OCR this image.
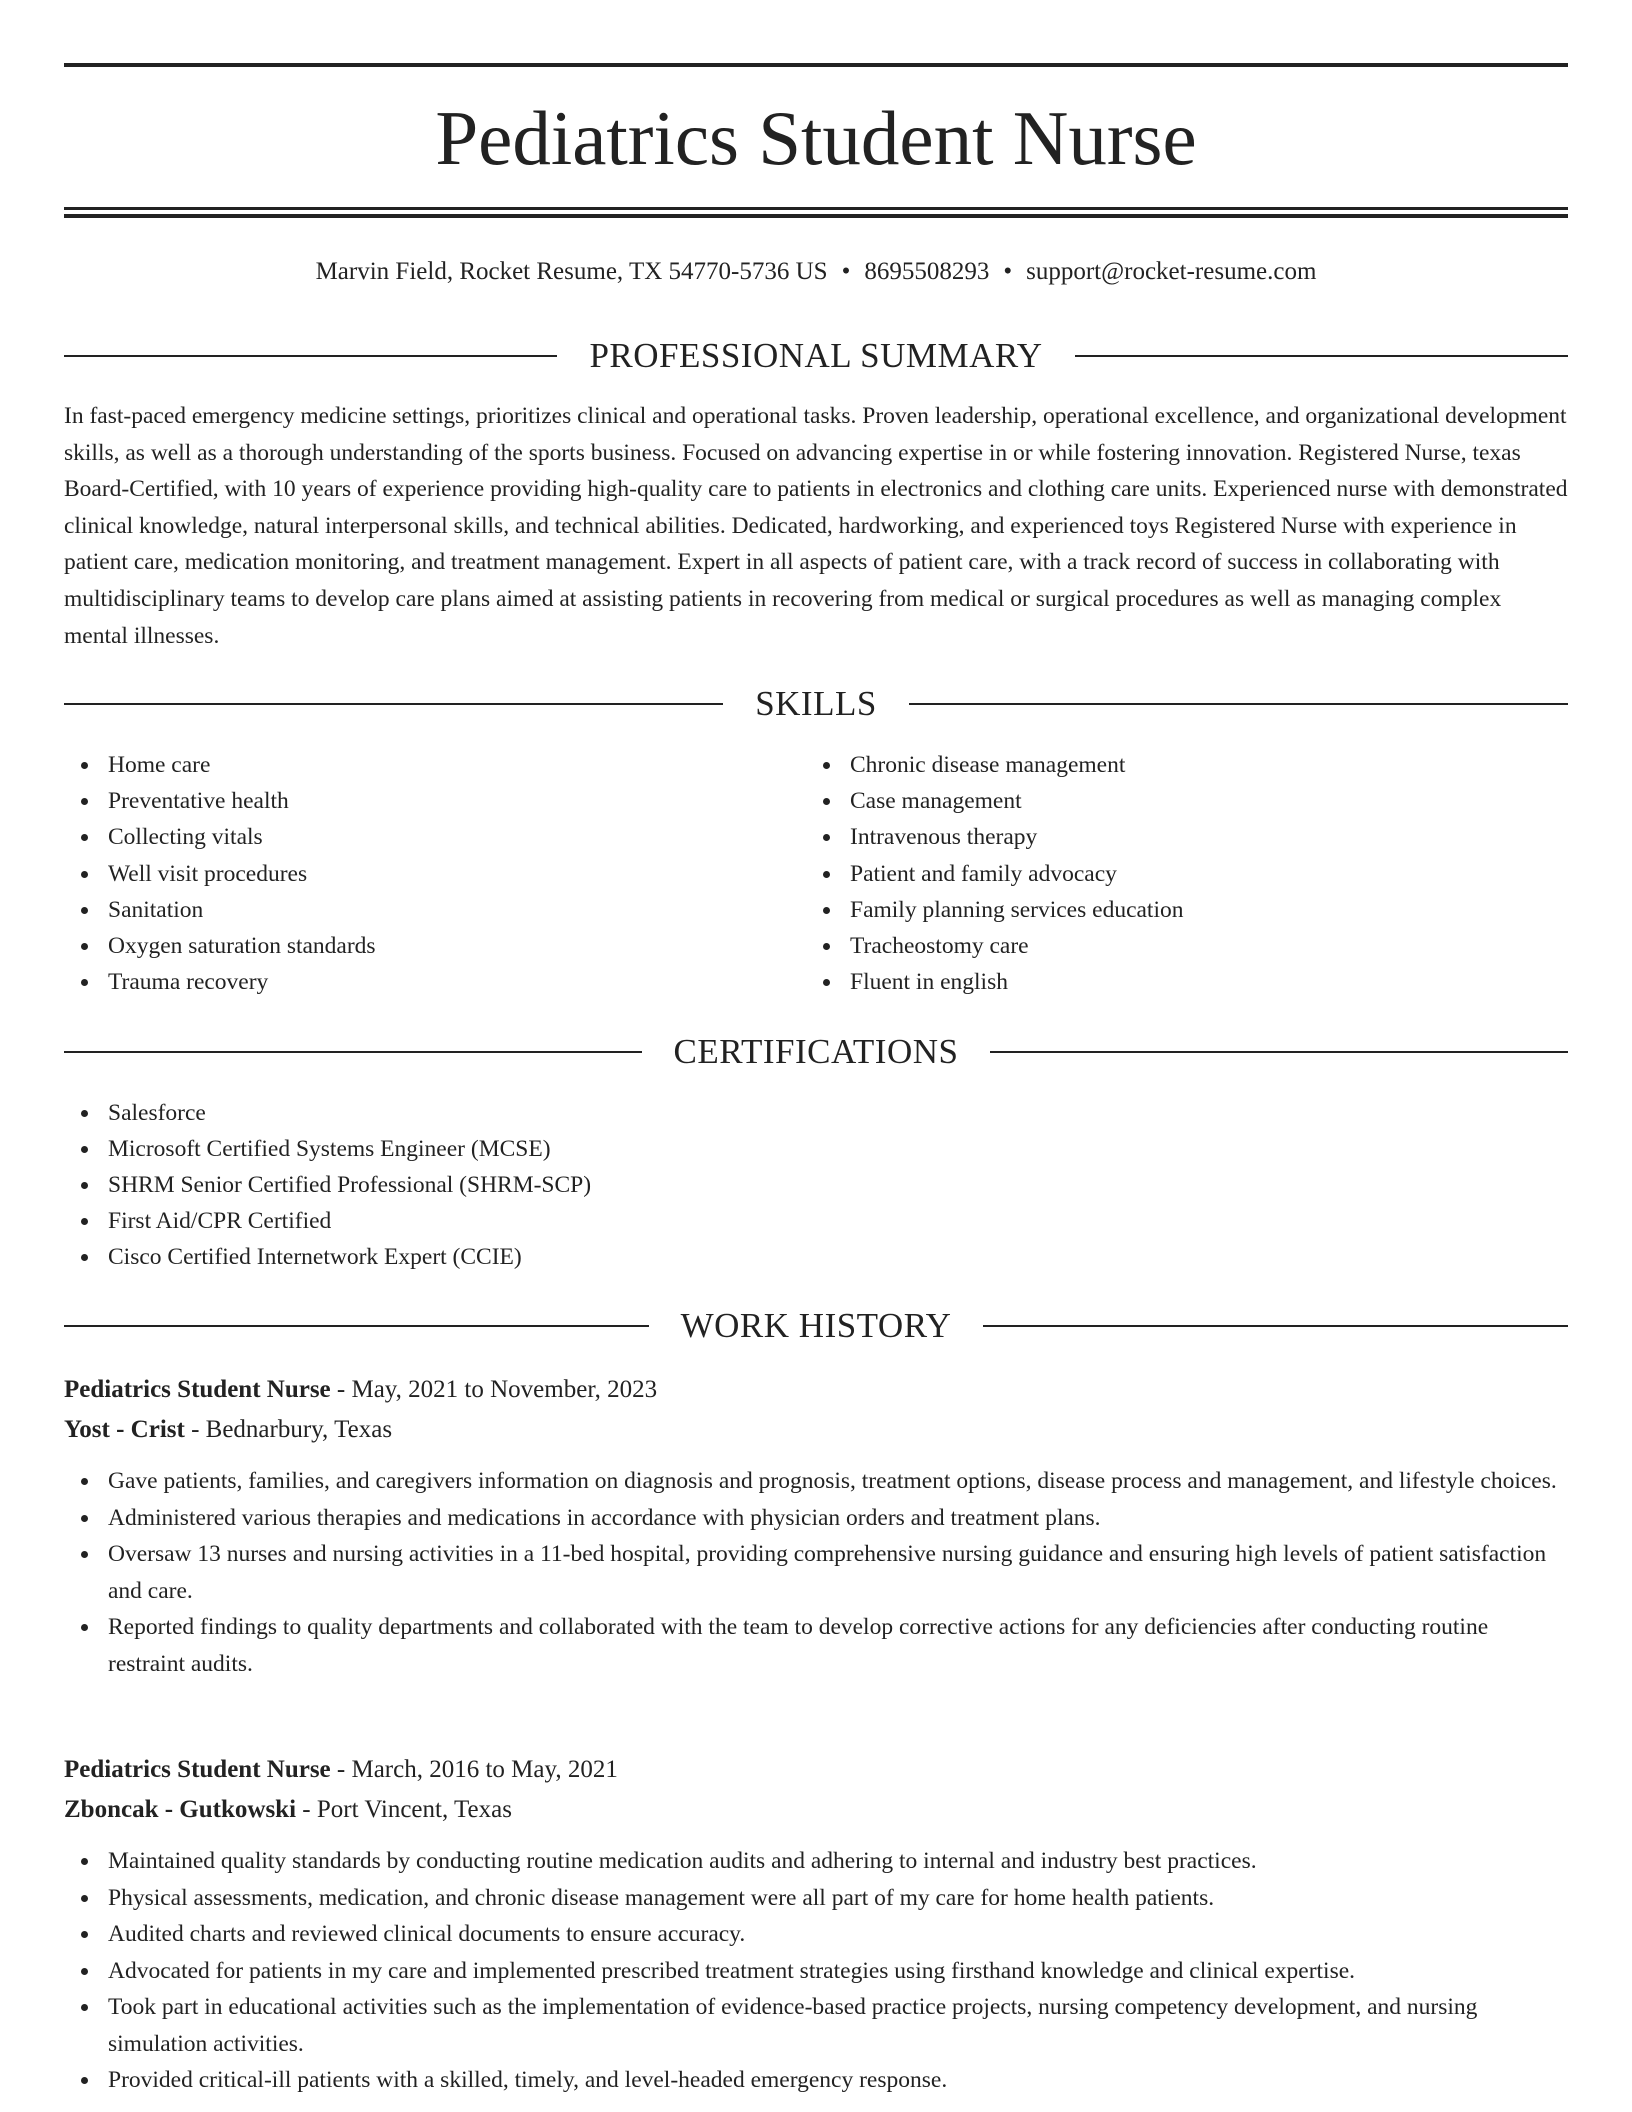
Pediatrics Student Nurse
Marvin Field, Rocket Resume, TX 54770-5736 US • 8695508293 • support@rocket-resume.com
PROFESSIONAL SUMMARY

In fast-paced emergency medicine settings, prioritizes clinical and operational tasks. Proven leadership, operational excellence, and organizational development skills, as well as a thorough understanding of the sports business. Focused on advancing expertise in or while fostering innovation. Registered Nurse, texas Board-Certified, with 10 years of experience providing high-quality care to patients in electronics and clothing care units. Experienced nurse with demonstrated clinical knowledge, natural interpersonal skills, and technical abilities. Dedicated, hardworking, and experienced toys Registered Nurse with experience in patient care, medication monitoring, and treatment management. Expert in all aspects of patient care, with a track record of success in collaborating with multidisciplinary teams to develop care plans aimed at assisting patients in recovering from medical or surgical procedures as well as managing complex mental illnesses.

SKILLS
Home care
Preventative health
Collecting vitals
Well visit procedures
Sanitation
Oxygen saturation standards
Trauma recovery
Chronic disease management
Case management
Intravenous therapy
Patient and family advocacy
Family planning services education
Tracheostomy care
Fluent in english
CERTIFICATIONS
Salesforce
Microsoft Certified Systems Engineer (MCSE)
SHRM Senior Certified Professional (SHRM-SCP)
First Aid/CPR Certified
Cisco Certified Internetwork Expert (CCIE)
WORK HISTORY
Pediatrics Student Nurse - May, 2021 to November, 2023
Yost - Crist - Bednarbury, Texas
Gave patients, families, and caregivers information on diagnosis and prognosis, treatment options, disease process and management, and lifestyle choices.
Administered various therapies and medications in accordance with physician orders and treatment plans.
Oversaw 13 nurses and nursing activities in a 11-bed hospital, providing comprehensive nursing guidance and ensuring high levels of patient satisfaction and care.
Reported findings to quality departments and collaborated with the team to develop corrective actions for any deficiencies after conducting routine restraint audits.
Pediatrics Student Nurse - March, 2016 to May, 2021
Zboncak - Gutkowski - Port Vincent, Texas
Maintained quality standards by conducting routine medication audits and adhering to internal and industry best practices.
Physical assessments, medication, and chronic disease management were all part of my care for home health patients.
Audited charts and reviewed clinical documents to ensure accuracy.
Advocated for patients in my care and implemented prescribed treatment strategies using firsthand knowledge and clinical expertise.
Took part in educational activities such as the implementation of evidence-based practice projects, nursing competency development, and nursing simulation activities.
Provided critical-ill patients with a skilled, timely, and level-headed emergency response.
